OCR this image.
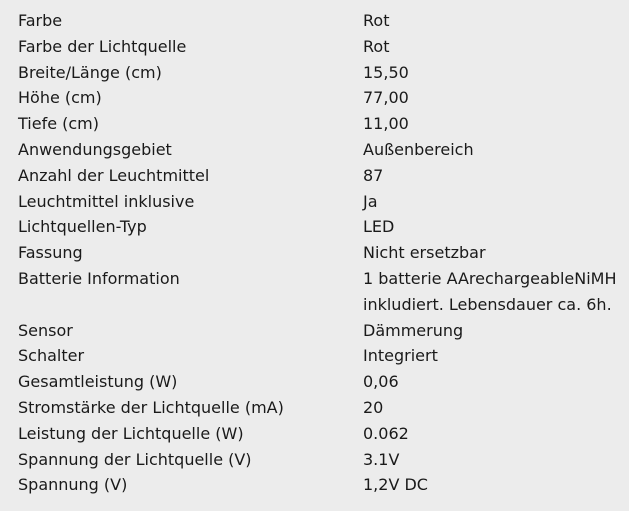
Farbe	Rot
Farbe der Lichtquelle	Rot
Breite/Länge (cm)	15,50
Höhe (cm)	77,00
Tiefe (cm)	11,00
Anwendungsgebiet	Außenbereich
Anzahl der Leuchtmittel	87
Leuchtmittel inklusive	Ja
Lichtquellen-Typ	LED
Fassung	Nicht ersetzbar
Batterie Information	1 batterie AArechargeableNiMH
inkludiert. Lebensdauer ca. 6h.
Sensor	Dämmerung
Schalter	Integriert
Gesamtleistung (W)	0,06
Stromstärke der Lichtquelle (mA)	20
Leistung der Lichtquelle (W)	0.062
Spannung der Lichtquelle (V)	3.1V
Spannung (V)	1,2V DC
